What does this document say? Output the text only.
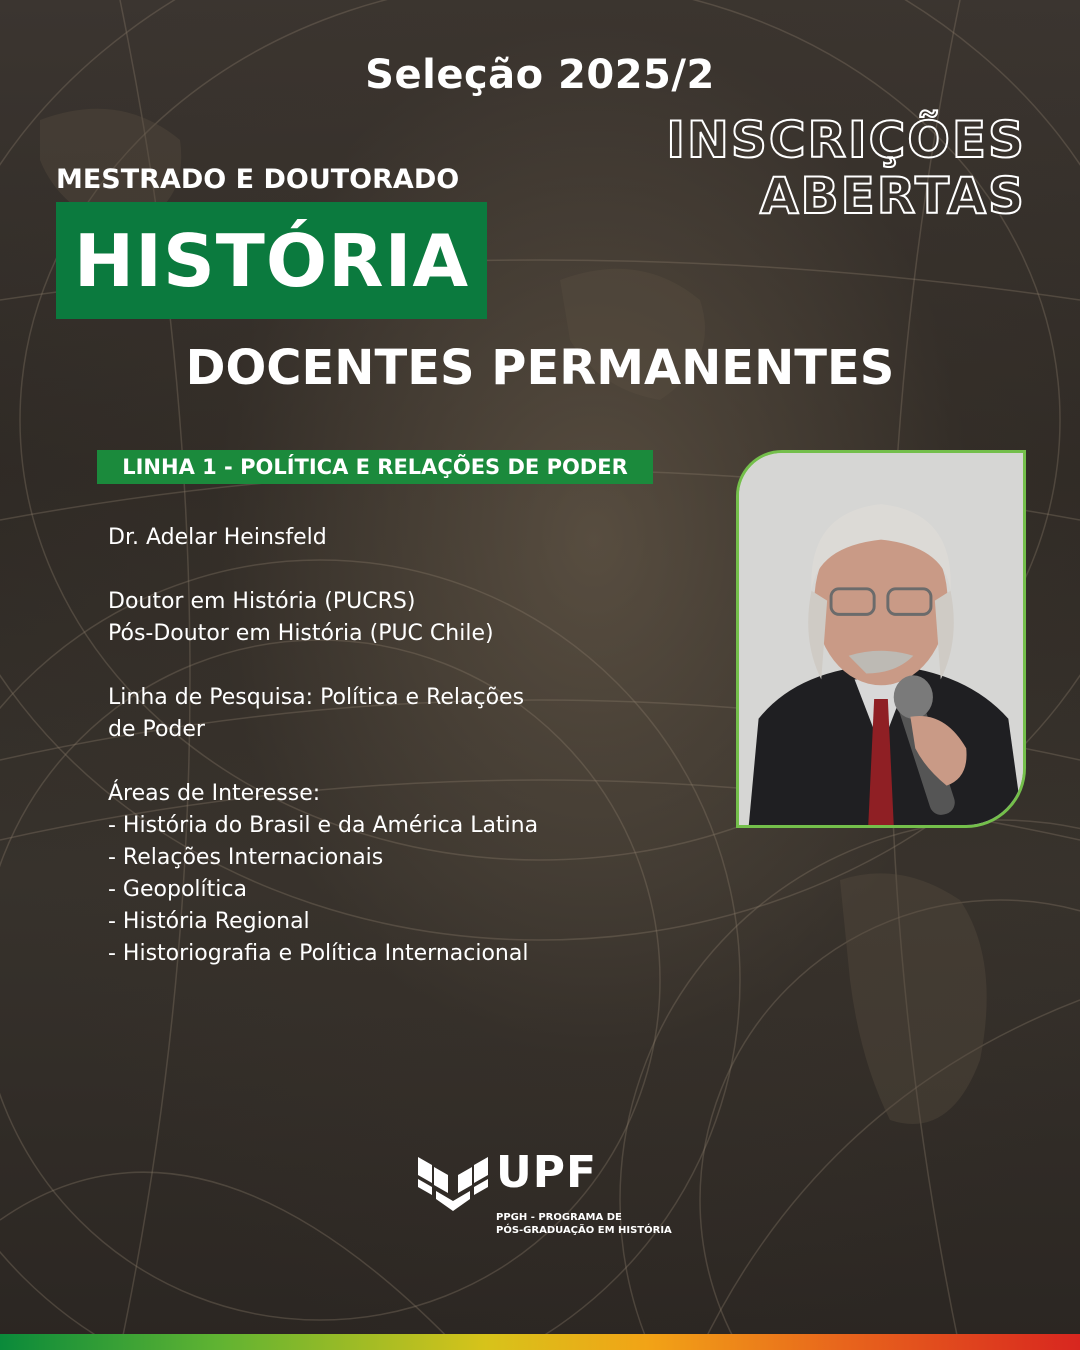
Seleção 2025/2
INSCRIÇÕES
ABERTAS
MESTRADO E DOUTORADO
HISTÓRIA
DOCENTES PERMANENTES
LINHA 1 - POLÍTICA E RELAÇÕES DE PODER

Dr. Adelar Heinsfeld

Doutor em História (PUCRS)

Pós-Doutor em História (PUC Chile)

Linha de Pesquisa: Política e Relações

de Poder

Áreas de Interesse:

- História do Brasil e da América Latina

- Relações Internacionais

- Geopolítica

- História Regional

- Historiografia e Política Internacional

UPF
PPGH - PROGRAMA DE
PÓS-GRADUAÇÃO EM HISTÓRIA
